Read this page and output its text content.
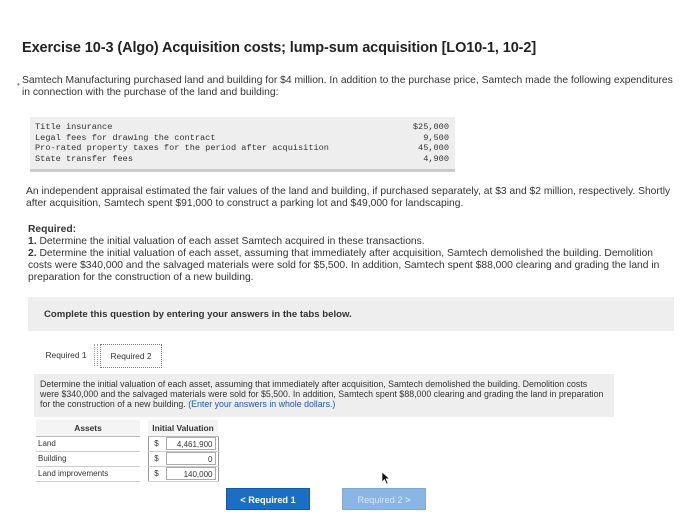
Exercise 10-3 (Algo) Acquisition costs; lump-sum acquisition [LO10-1, 10-2]
• Samtech Manufacturing purchased land and building for $4 million. In addition to the purchase price, Samtech made the following expenditures in connection with the purchase of the land and building:
Title insurance	$25,000
Legal fees for drawing the contract	9,500
Pro-rated property taxes for the period after acquisition	45,000
State transfer fees	4,900
An independent appraisal estimated the fair values of the land and building, if purchased separately, at $3 and $2 million, respectively. Shortly after acquisition, Samtech spent $91,000 to construct a parking lot and $49,000 for landscaping.
Required:
1. Determine the initial valuation of each asset Samtech acquired in these transactions.
2. Determine the initial valuation of each asset, assuming that immediately after acquisition, Samtech demolished the building. Demolition costs were $340,000 and the salvaged materials were sold for $5,500. In addition, Samtech spent $88,000 clearing and grading the land in preparation for the construction of a new building.
Complete this question by entering your answers in the tabs below.
Required 1	Required 2
Determine the initial valuation of each asset, assuming that immediately after acquisition, Samtech demolished the building. Demolition costs were $340,000 and the salvaged materials were sold for $5,500. In addition, Samtech spent $88,000 clearing and grading the land in preparation for the construction of a new building. (Enter your answers in whole dollars.)
Assets		Initial Valuation	
Land		$	4,461,900

Building		$	0

Land improvements		$	140,000
< Required 1	Required 2 >
